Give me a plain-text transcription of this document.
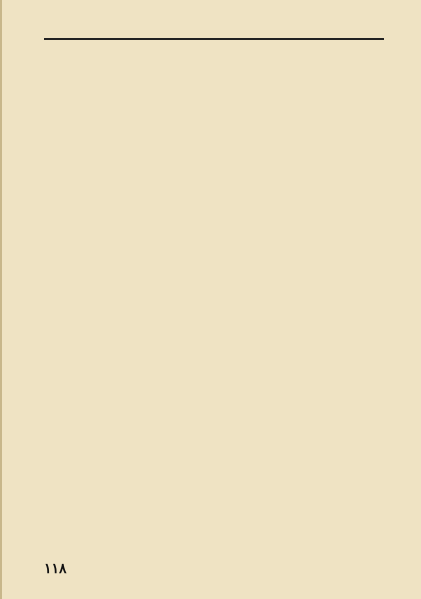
۱۱۸
